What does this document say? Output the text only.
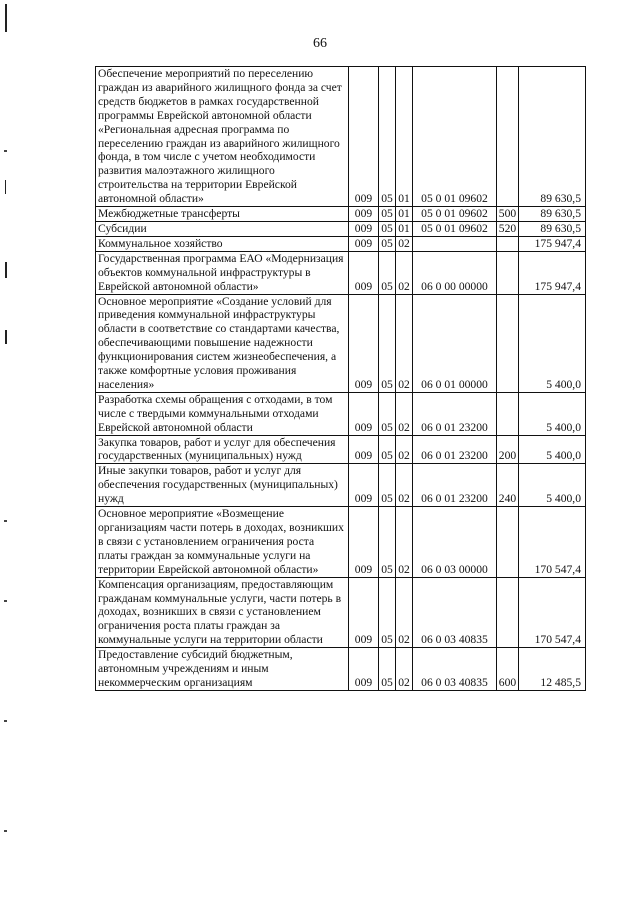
66
Обеспечение мероприятий по переселению граждан из аварийного жилищного фонда за счет средств бюджетов в рамках государственной программы Еврейской автономной области «Региональная адресная программа по переселению граждан из аварийного жилищного фонда, в том числе с учетом необходимости развития малоэтажного жилищного строительства на территории Еврейской автономной области»	009	05	01	05 0 01 09602		89 630,5
Межбюджетные трансферты	009	05	01	05 0 01 09602	500	89 630,5
Субсидии	009	05	01	05 0 01 09602	520	89 630,5
Коммунальное хозяйство	009	05	02			175 947,4
Государственная программа ЕАО «Модернизация объектов коммунальной инфраструктуры в Еврейской автономной области»	009	05	02	06 0 00 00000		175 947,4
Основное мероприятие «Создание условий для приведения коммунальной инфраструктуры области в соответствие со стандартами качества, обеспечивающими повышение надежности функционирования систем жизнеобеспечения, а также комфортные условия проживания населения»	009	05	02	06 0 01 00000		5 400,0
Разработка схемы обращения с отходами, в том числе с твердыми коммунальными отходами Еврейской автономной области	009	05	02	06 0 01 23200		5 400,0
Закупка товаров, работ и услуг для обеспечения государственных (муниципальных) нужд	009	05	02	06 0 01 23200	200	5 400,0
Иные закупки товаров, работ и услуг для обеспечения государственных (муниципальных) нужд	009	05	02	06 0 01 23200	240	5 400,0
Основное мероприятие «Возмещение организациям части потерь в доходах, возникших в связи с установлением ограничения роста платы граждан за коммунальные услуги на территории Еврейской автономной области»	009	05	02	06 0 03 00000		170 547,4
Компенсация организациям, предоставляющим гражданам коммунальные услуги, части потерь в доходах, возникших в связи с установлением ограничения роста платы граждан за коммунальные услуги на территории области	009	05	02	06 0 03 40835		170 547,4
Предоставление субсидий бюджетным, автономным учреждениям и иным некоммерческим организациям	009	05	02	06 0 03 40835	600	12 485,5
